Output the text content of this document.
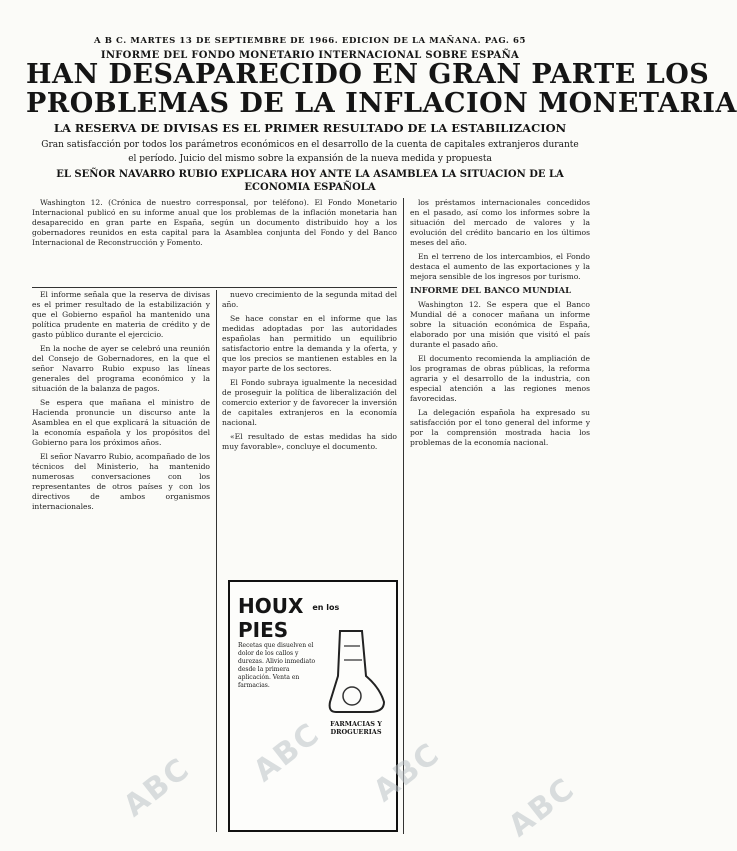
A B C. MARTES 13 DE SEPTIEMBRE DE 1966. EDICION DE LA MAÑANA. PAG. 65
INFORME DEL FONDO MONETARIO INTERNACIONAL SOBRE ESPAÑA
HAN DESAPARECIDO EN GRAN PARTE LOS
PROBLEMAS DE LA INFLACION MONETARIA
LA RESERVA DE DIVISAS ES EL PRIMER RESULTADO DE LA ESTABILIZACION
Gran satisfacción por todos los parámetros económicos en el desarrollo de la cuenta de capitales extranjeros durante
el período. Juicio del mismo sobre la expansión de la nueva medida y propuesta
EL SEÑOR NAVARRO RUBIO EXPLICARA HOY ANTE LA ASAMBLEA LA SITUACION DE LA
ECONOMIA ESPAÑOLA

Washington 12. (Crónica de nuestro corresponsal, por teléfono). El Fondo Monetario Internacional publicó en su informe anual que los problemas de la inflación monetaria han desaparecido en gran parte en España, según un documento distribuido hoy a los gobernadores reunidos en esta capital para la Asamblea conjunta del Fondo y del Banco Internacional de Reconstrucción y Fomento.

El informe señala que la reserva de divisas es el primer resultado de la estabilización y que el Gobierno español ha mantenido una política prudente en materia de crédito y de gasto público durante el ejercicio.

En la noche de ayer se celebró una reunión del Consejo de Gobernadores, en la que el señor Navarro Rubio expuso las líneas generales del programa económico y la situación de la balanza de pagos.

Se espera que mañana el ministro de Hacienda pronuncie un discurso ante la Asamblea en el que explicará la situación de la economía española y los propósitos del Gobierno para los próximos años.

El señor Navarro Rubio, acompañado de los técnicos del Ministerio, ha mantenido numerosas conversaciones con los representantes de otros países y con los directivos de ambos organismos internacionales.

nuevo crecimiento de la segunda mitad del año.

Se hace constar en el informe que las medidas adoptadas por las autoridades españolas han permitido un equilibrio satisfactorio entre la demanda y la oferta, y que los precios se mantienen estables en la mayor parte de los sectores.

El Fondo subraya igualmente la necesidad de proseguir la política de liberalización del comercio exterior y de favorecer la inversión de capitales extranjeros en la economía nacional.

«El resultado de estas medidas ha sido muy favorable», concluye el documento.

los préstamos internacionales concedidos en el pasado, así como los informes sobre la situación del mercado de valores y la evolución del crédito bancario en los últimos meses del año.

En el terreno de los intercambios, el Fondo destaca el aumento de las exportaciones y la mejora sensible de los ingresos por turismo.

INFORME DEL BANCO MUNDIAL

Washington 12. Se espera que el Banco Mundial dé a conocer mañana un informe sobre la situación económica de España, elaborado por una misión que visitó el país durante el pasado año.

El documento recomienda la ampliación de los programas de obras públicas, la reforma agraria y el desarrollo de la industria, con especial atención a las regiones menos favorecidas.

La delegación española ha expresado su satisfacción por el tono general del informe y por la comprensión mostrada hacia los problemas de la economía nacional.

HOUX en los PIES
Recetas que disuelven el dolor de los callos y durezas. Alivio inmediato desde la primera aplicación. Venta en farmacias.
FARMACIAS Y DROGUERIAS
ABC ABC ABC ABC
